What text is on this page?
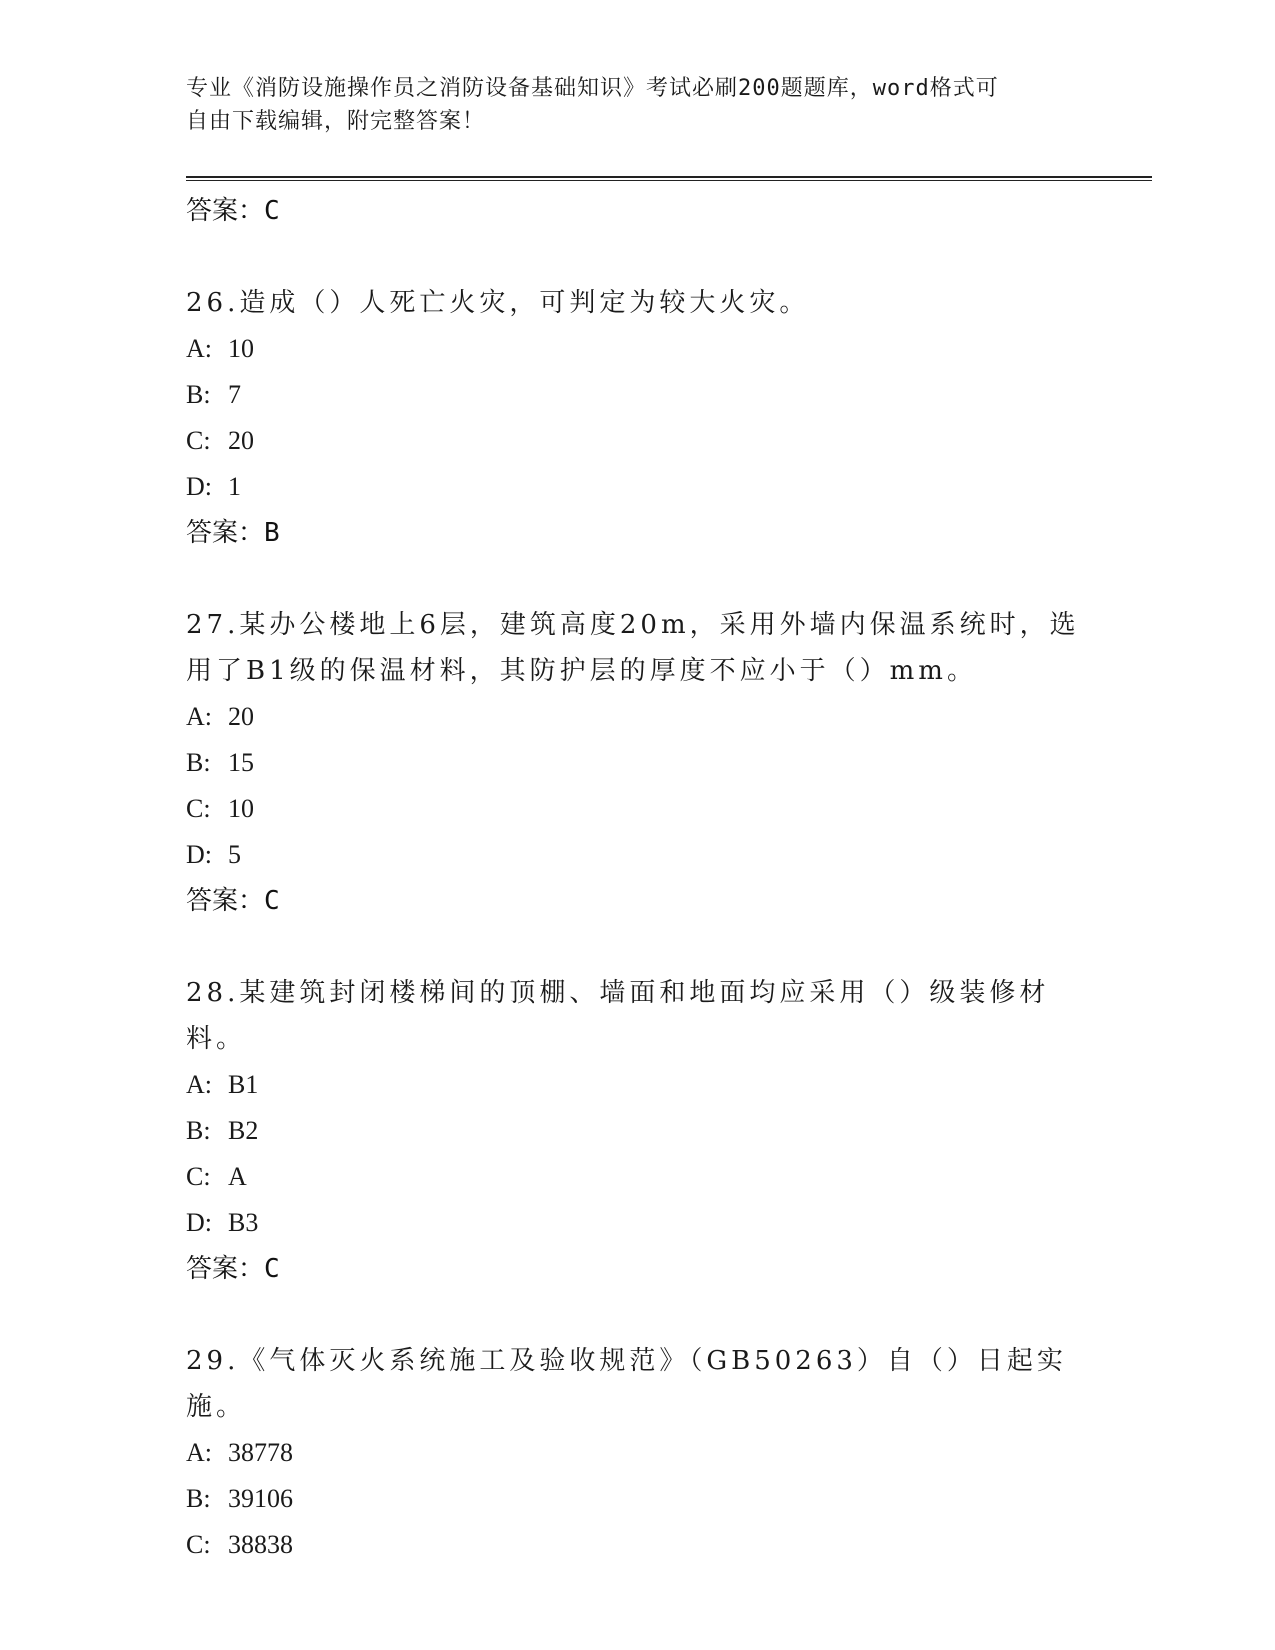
专业《消防设施操作员之消防设备基础知识》考试必刷200题题库，word格式可
自由下载编辑，附完整答案！
答案：C
26.造成（）人死亡火灾，可判定为较大火灾。
A: 10
B: 7
C: 20
D: 1
答案：B
27.某办公楼地上6层，建筑高度20m，采用外墙内保温系统时，选用了B1级的保温材料，其防护层的厚度不应小于（）mm。
A: 20
B: 15
C: 10
D: 5
答案：C
28.某建筑封闭楼梯间的顶棚、墙面和地面均应采用（）级装修材料。
A: B1
B: B2
C: A
D: B3
答案：C
29.《气体灭火系统施工及验收规范》（GB50263）自（）日起实施。
A: 38778
B: 39106
C: 38838
